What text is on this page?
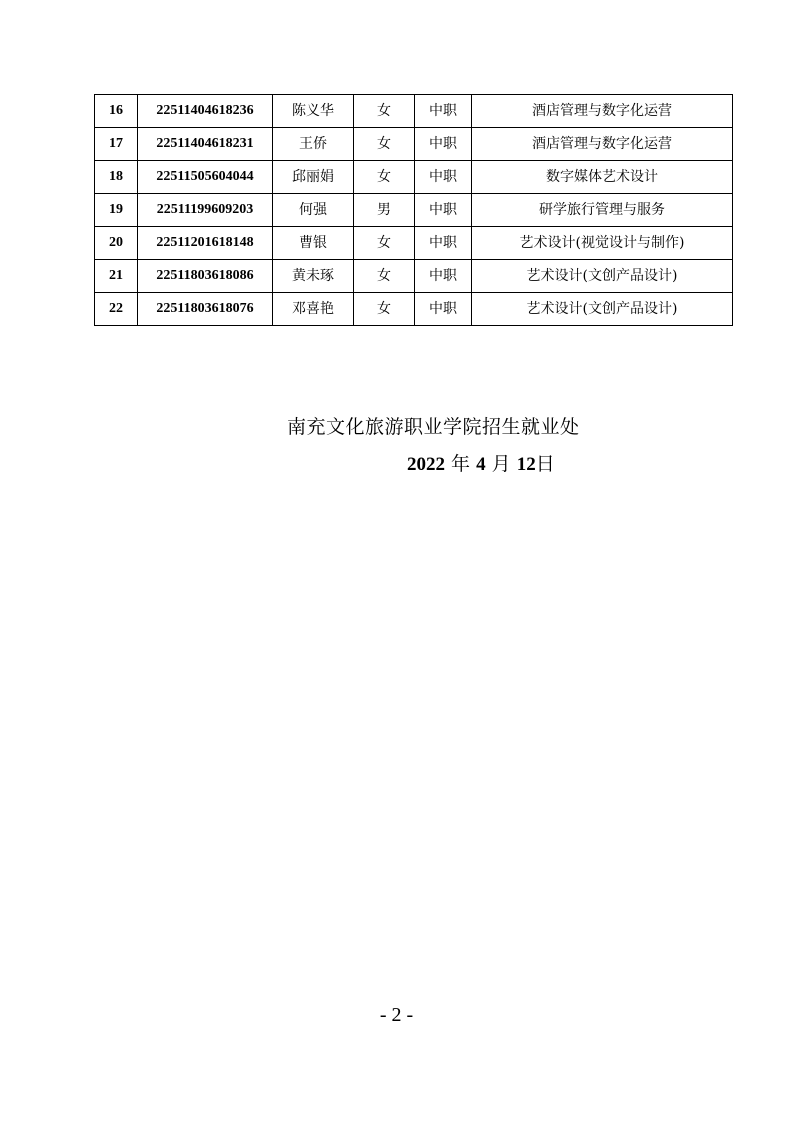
16	22511404618236	陈义华	女	中职	酒店管理与数字化运营
17	22511404618231	王侨	女	中职	酒店管理与数字化运营
18	22511505604044	邱丽娟	女	中职	数字媒体艺术设计
19	22511199609203	何强	男	中职	研学旅行管理与服务
20	22511201618148	曹银	女	中职	艺术设计(视觉设计与制作)
21	22511803618086	黄未琢	女	中职	艺术设计(文创产品设计)
22	22511803618076	邓喜艳	女	中职	艺术设计(文创产品设计)
南充文化旅游职业学院招生就业处
2022 年 4 月 12日
- 2 -
